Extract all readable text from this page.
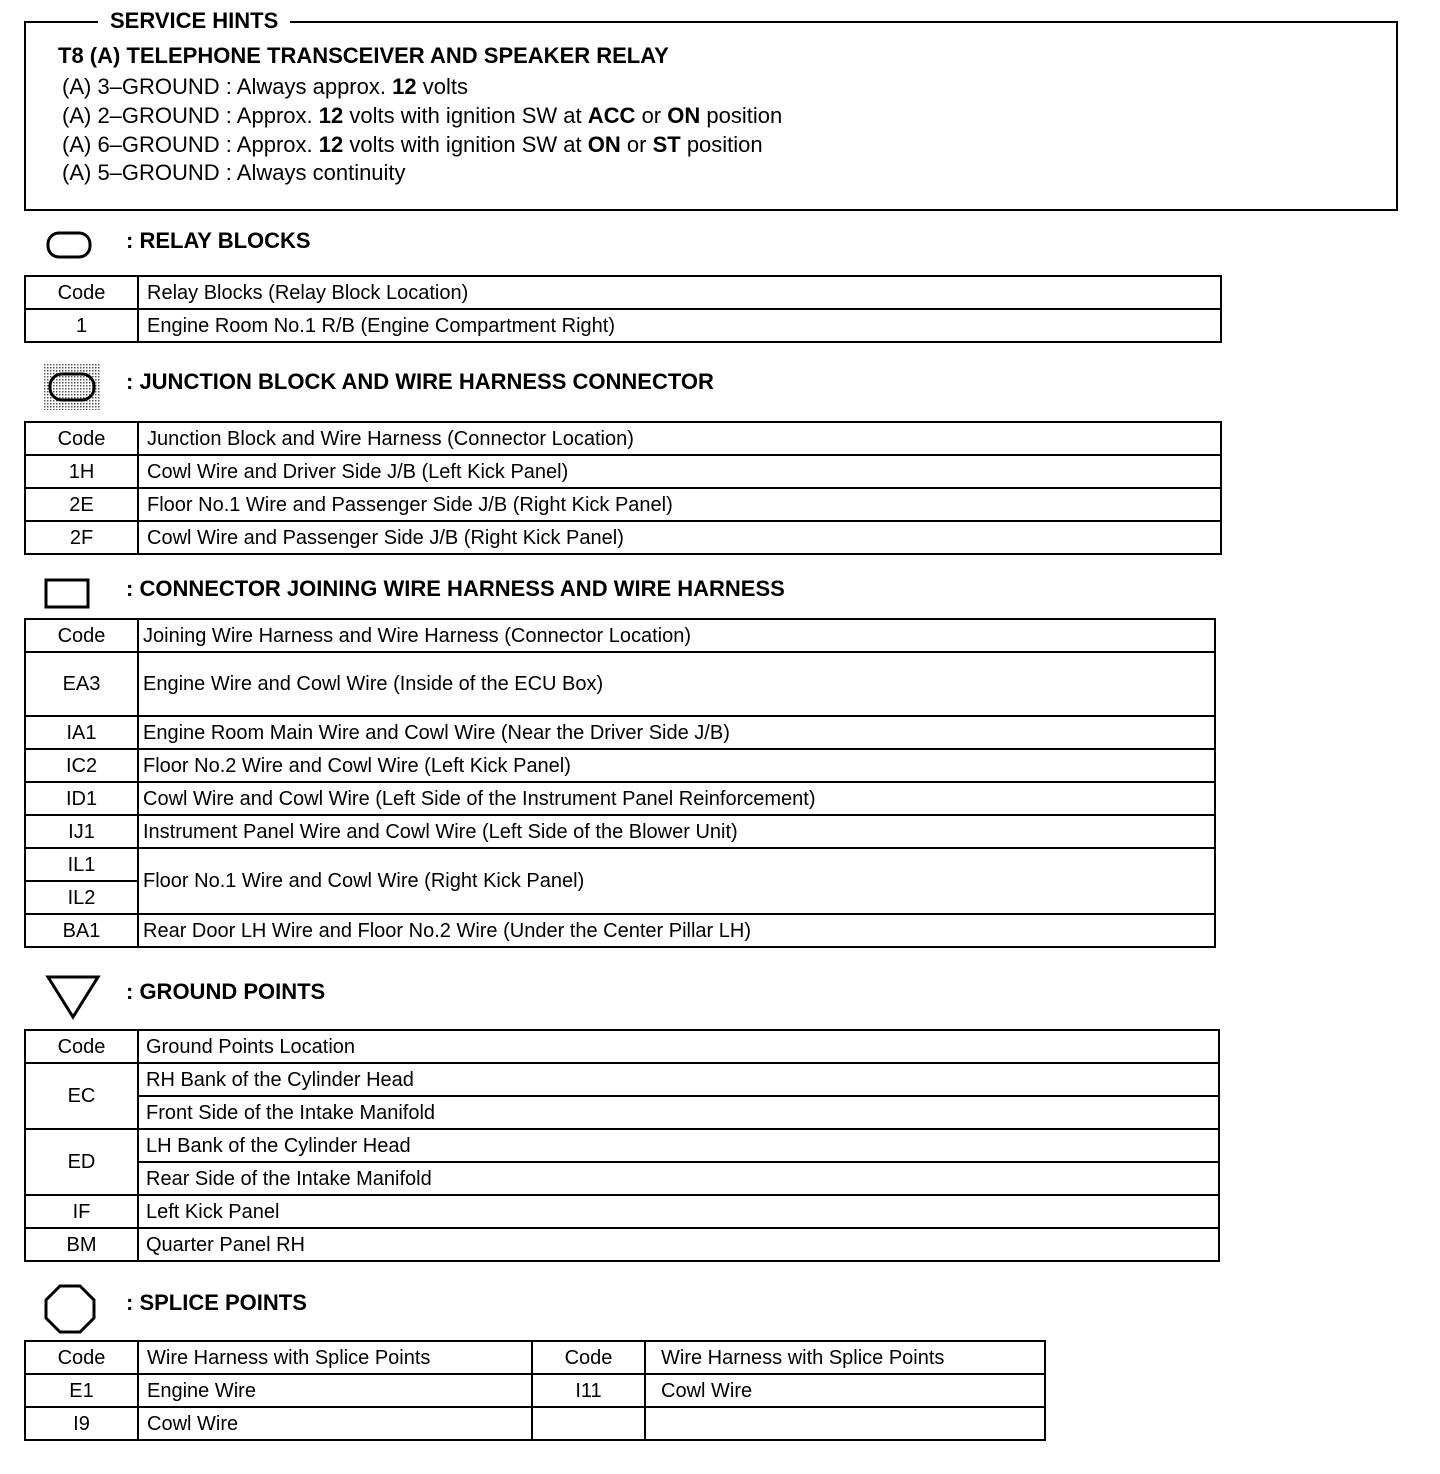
SERVICE HINTS
T8 (A) TELEPHONE TRANSCEIVER AND SPEAKER RELAY
(A) 3–GROUND : Always approx. 12 volts
(A) 2–GROUND : Approx. 12 volts with ignition SW at ACC or ON position
(A) 6–GROUND : Approx. 12 volts with ignition SW at ON or ST position
(A) 5–GROUND : Always continuity
: RELAY BLOCKS
Code	Relay Blocks (Relay Block Location)
1	Engine Room No.1 R/B (Engine Compartment Right)
: JUNCTION BLOCK AND WIRE HARNESS CONNECTOR
Code	Junction Block and Wire Harness (Connector Location)
1H	Cowl Wire and Driver Side J/B (Left Kick Panel)
2E	Floor No.1 Wire and Passenger Side J/B (Right Kick Panel)
2F	Cowl Wire and Passenger Side J/B (Right Kick Panel)
: CONNECTOR JOINING WIRE HARNESS AND WIRE HARNESS
Code	Joining Wire Harness and Wire Harness (Connector Location)
EA3	Engine Wire and Cowl Wire (Inside of the ECU Box)
IA1	Engine Room Main Wire and Cowl Wire (Near the Driver Side J/B)
IC2	Floor No.2 Wire and Cowl Wire (Left Kick Panel)
ID1	Cowl Wire and Cowl Wire (Left Side of the Instrument Panel Reinforcement)
IJ1	Instrument Panel Wire and Cowl Wire (Left Side of the Blower Unit)
IL1	Floor No.1 Wire and Cowl Wire (Right Kick Panel)
IL2	
BA1	Rear Door LH Wire and Floor No.2 Wire (Under the Center Pillar LH)
: GROUND POINTS
Code	Ground Points Location
EC	RH Bank of the Cylinder Head
	Front Side of the Intake Manifold
ED	LH Bank of the Cylinder Head
	Rear Side of the Intake Manifold
IF	Left Kick Panel
BM	Quarter Panel RH
: SPLICE POINTS
Code	Wire Harness with Splice Points	Code	Wire Harness with Splice Points
E1	Engine Wire	I11	Cowl Wire
I9	Cowl Wire		
